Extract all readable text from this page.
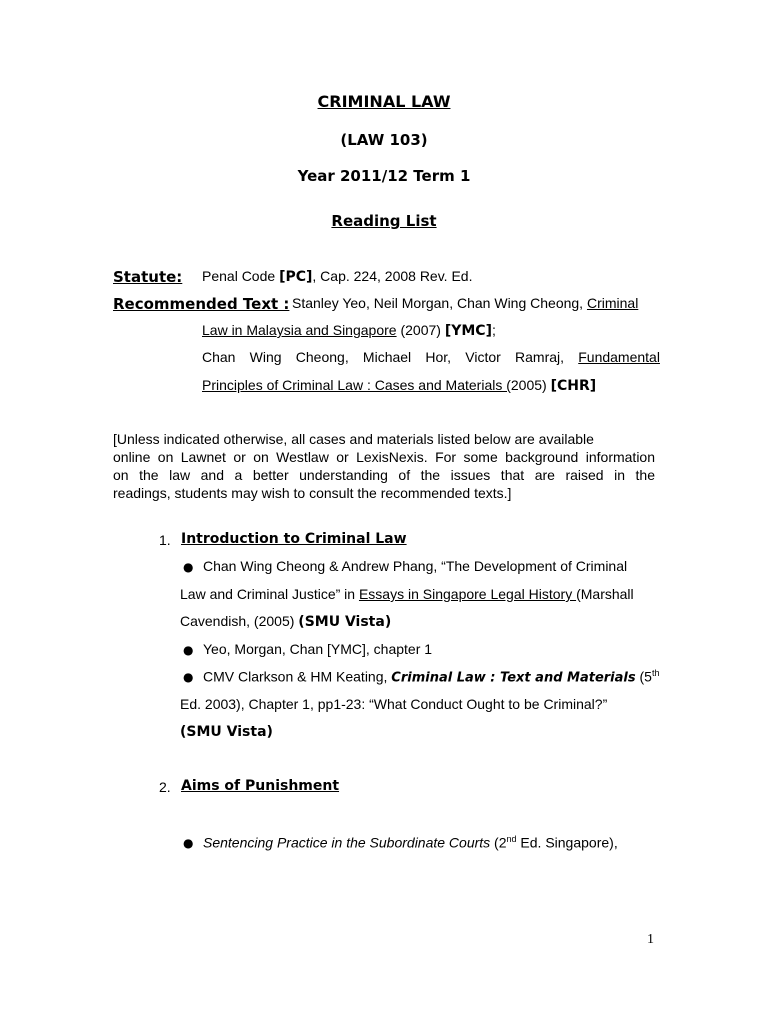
CRIMINAL LAW
(LAW 103)
Year 2011/12 Term 1
Reading List
Statute: Penal Code [PC], Cap. 224, 2008 Rev. Ed.
Recommended Text : Stanley Yeo, Neil Morgan, Chan Wing Cheong, Criminal
Law in Malaysia and Singapore (2007) [YMC];
Chan Wing Cheong, Michael Hor, Victor Ramraj, Fundamental
Principles of Criminal Law : Cases and Materials (2005) [CHR]
[Unless indicated otherwise, all cases and materials listed below are available
online on Lawnet or on Westlaw or LexisNexis. For some background information
on the law and a better understanding of the issues that are raised in the
readings, students may wish to consult the recommended texts.]
1. Introduction to Criminal Law
● Chan Wing Cheong & Andrew Phang, “The Development of Criminal
Law and Criminal Justice” in Essays in Singapore Legal History (Marshall
Cavendish, (2005) (SMU Vista)
● Yeo, Morgan, Chan [YMC], chapter 1
● CMV Clarkson & HM Keating, Criminal Law : Text and Materials (5th
Ed. 2003), Chapter 1, pp1-23: “What Conduct Ought to be Criminal?”
(SMU Vista)
2. Aims of Punishment
● Sentencing Practice in the Subordinate Courts (2nd Ed. Singapore),
1
